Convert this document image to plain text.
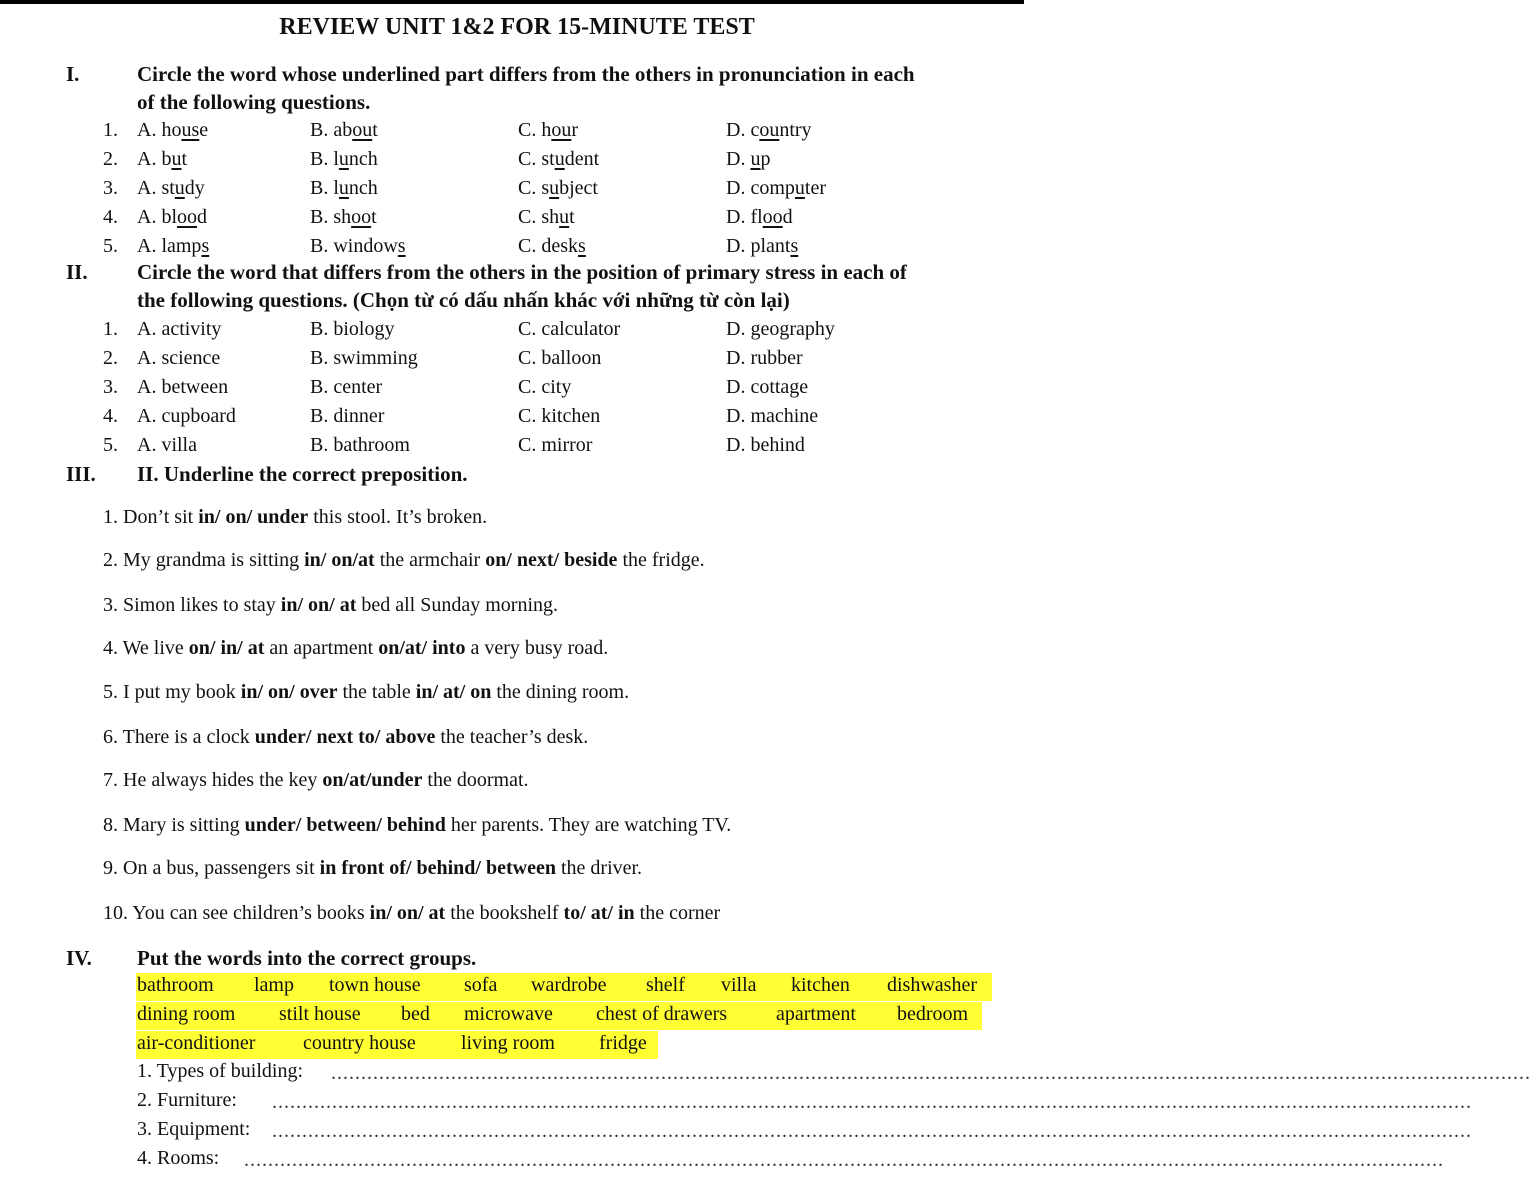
REVIEW UNIT 1&2 FOR 15-MINUTE TEST
I.	Circle the word whose underlined part differs from the others in pronunciation in each
of the following questions.
1. A. house	B. about	C. hour	D. country
2. A. but	B. lunch	C. student	D. up
3. A. study	B. lunch	C. subject	D. computer
4. A. blood	B. shoot	C. shut	D. flood
5. A. lamps	B. windows	C. desks	D. plants
II. Circle the word that differs from the others in the position of primary stress in each of
the following questions. (Chọn từ có dấu nhấn khác với những từ còn lại)
1. A. activity	B. biology	C. calculator	D. geography
2. A. science	B. swimming	C. balloon	D. rubber
3. A. between	B. center	C. city	D. cottage
4. A. cupboard	B. dinner	C. kitchen	D. machine
5. A. villa	B. bathroom	C. mirror	D. behind
III. II. Underline the correct preposition.
1. Don’t sit in/ on/ under this stool. It’s broken.
2. My grandma is sitting in/ on/at the armchair on/ next/ beside the fridge.
3. Simon likes to stay in/ on/ at bed all Sunday morning.
4. We live on/ in/ at an apartment on/at/ into a very busy road.
5. I put my book in/ on/ over the table in/ at/ on the dining room.
6. There is a clock under/ next to/ above the teacher’s desk.
7. He always hides the key on/at/under the doormat.
8. Mary is sitting under/ between/ behind her parents. They are watching TV.
9. On a bus, passengers sit in front of/ behind/ between the driver.
10. You can see children’s books in/ on/ at the bookshelf to/ at/ in the corner
IV. Put the words into the correct groups.
bathroom lamp town house sofa wardrobe shelf villa kitchen dishwasher
dining room stilt house bed microwave chest of drawers apartment bedroom
air-conditioner country house living room fridge
1. Types of building: ........................................................................................................................................................................................................
2. Furniture: ........................................................................................................................................................................................................
3. Equipment: ........................................................................................................................................................................................................
4. Rooms: ........................................................................................................................................................................................................
